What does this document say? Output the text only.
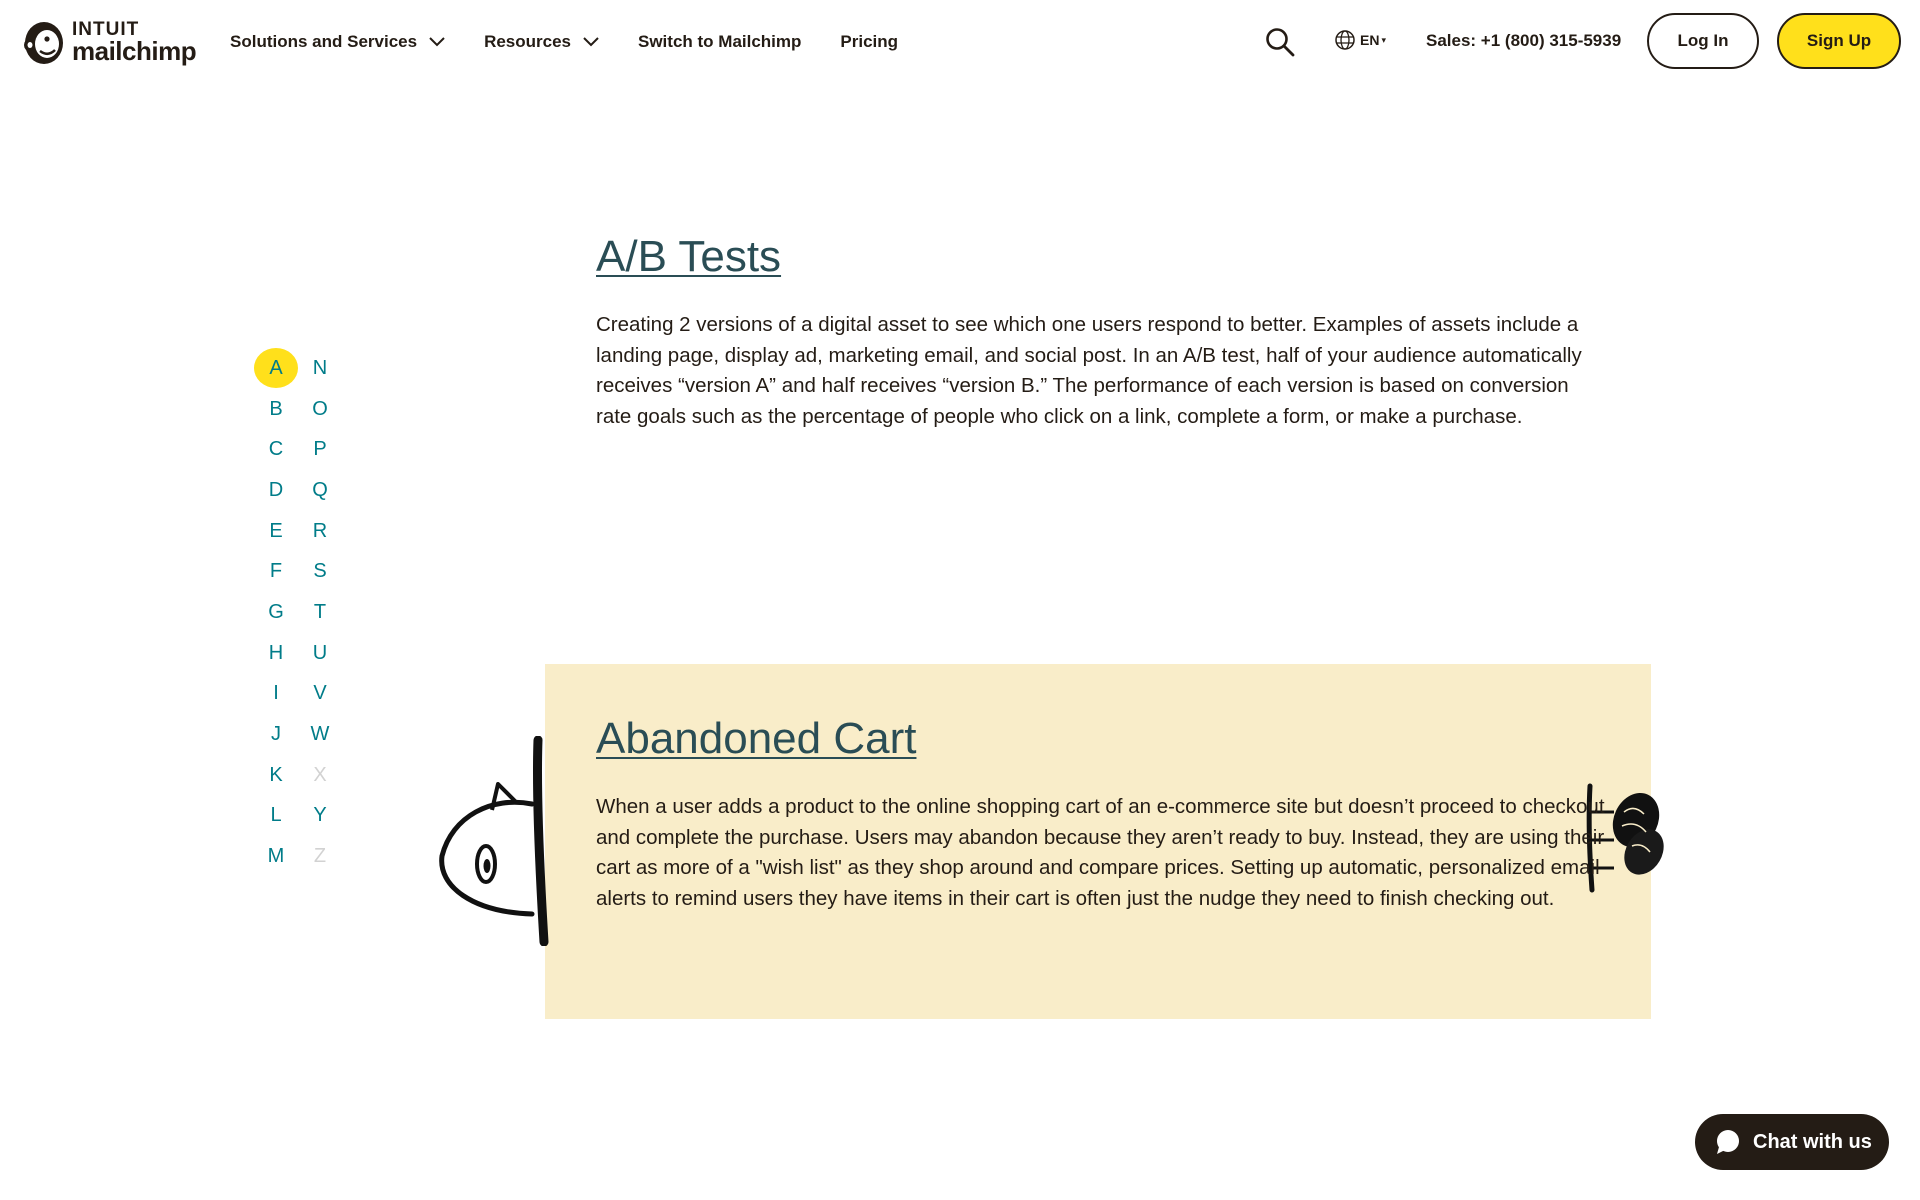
INTUIT
mailchimp Solutions and Services	Resources	Switch to Mailchimp Pricing	EN ▾ Sales: +1 (800) 315-5939	Log In	Sign Up
A	N
B O
C P
D Q
E R
F S
G T
H U
I V
J W
K X
L Y
M Z
A/B Tests

Creating 2 versions of a digital asset to see which one users respond to better. Examples of assets include a landing page, display ad, marketing email, and social post. In an A/B test, half of your audience automatically receives “version A” and half receives “version B.” The performance of each version is based on conversion rate goals such as the percentage of people who click on a link, complete a form, or make a purchase.

Abandoned Cart

When a user adds a product to the online shopping cart of an e-commerce site but doesn’t proceed to checkout and complete the purchase. Users may abandon because they aren’t ready to buy. Instead, they are using their cart as more of a "wish list" as they shop around and compare prices. Setting up automatic, personalized email alerts to remind users they have items in their cart is often just the nudge they need to finish checking out.

Chat with us
